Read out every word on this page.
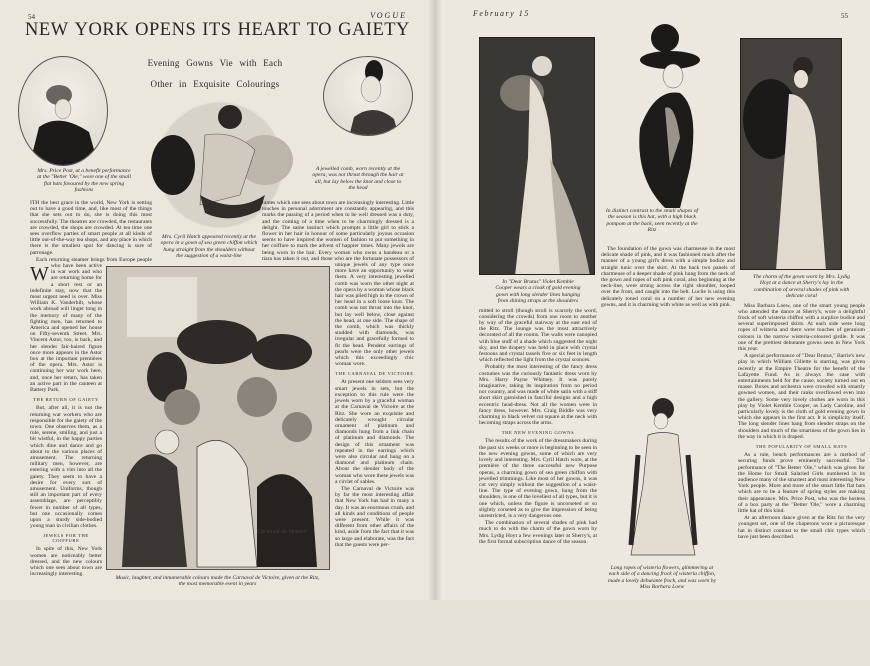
54	VOGUE
NEW YORK OPENS ITS HEART TO GAIETY
Evening Gowns Vie with Each
Other in Exquisite Colourings
Mrs. Price Post, at a benefit performance at the "Better 'Ole," wore one of the small flat hats favoured by the new spring fashions
Mrs. Cyril Hatch appeared recently at the opera in a gown of sea green chiffon which hung straight from the shoulders without the suggestion of a waist-line
A jewelled comb, worn recently at the opera, was not thrust through the hair at all, but lay below the knot and close to the head
W

ITH the best grace in the world, New York is setting out to have a good time, and, like most of the things that she sets out to do, she is doing this most successfully. The theatres are crowded, the restaurants are crowded, the shops are crowded. At tea time one sees overflow parties of smart people at all kinds of little out-of-the-way tea shops, and any place in which there is the smallest spot for dancing is sure of patronage.

Each returning steamer brings from Europe people who have been active in war work and who are returning home for a short rest or an indefinite stay, now that the most urgent need is over. Miss William K. Vanderbilt, whose work abroad will linger long in the memory of many of the fighting men, has returned to America and opened her house on Fifty-seventh Street. Mrs. Vincent Astor, too, is back, and her slender fair-haired figure once more appears in the Astor box at the important premières of the opera. Mrs. Astor is continuing her war work here, and, once her return, has taken an active part in the canteen at Battery Park.

THE RETURN OF GAIETY

But, after all, it is not the returning war workers who are responsible for the gaiety of the town. One observes them, as a rule, serene, smiling, and just a bit wistful, in the happy parties which dine and dance and go about to the various places of amusement. The returning military men, however, are entering with a vim into all the gaiety. They seem to have a desire for every sort of amusement. Uniforms, though still an important part of every assemblage, are perceptibly fewer in number of all types, but one occasionally comes upon a sturdy side-bodied young man in civilian clothes.

JEWELS FOR THE COIFFURE

In spite of this, New York women are noticeably better dressed, and the new colours which one sees about town are increasingly interesting.

tumes which one sees about town are increasingly interesting. Little touches in personal adornment are constantly appearing, and this marks the passing of a period when to be well dressed was a duty, and the coming of a time when to be charmingly dressed is a delight. The same instinct which prompts a little girl to stick a flower in her hair in honour of some particularly joyous occasion seems to have inspired the women of fashion to put something in her coiffure to mark the advent of happier times. Many jewels are being worn in the hair. Every woman who owns a bandeau or a tiara has taken it out, and those who are the fortunate possessors of unique jewels of any type once more have an opportunity to wear them. A very interesting jewelled comb was worn the other night at the opera by a woman whose black hair was piled high in the crown of her head in a soft loose knot. The comb was not thrust into the knot, but lay well below, close against the head, at one side. The shape of the comb, which was thickly studded with diamonds, was irregular and gracefully formed to fit the head. Pendent earrings of pearls were the only other jewels which this exceedingly chic woman wore.

THE CARNAVAL DE VICTOIRE

At present one seldom sees very smart jewels in sets, but the exception to this rule were the jewels worn by a graceful woman at the Carnaval de Victoire at the Ritz. She wore an exquisite and delicately wrought circular ornament of platinum and diamonds hung from a link chain of platinum and diamonds. The design of this ornament was repeated in the earrings which were also circular and hung on a diamond and platinum chain. About the slender body of the woman who wore these jewels was a circlet of sables.

The Carnaval de Victoire was by far the most interesting affair that New York has had in many a day. It was an enormous crush, and all kinds and conditions of people were present. While it was different from other affairs of the kind, aside from the fact that it was so large and elaborate, was the fact that the guests were per-

Carnaval de Victoire
Music, laughter, and innumerable colours made the Carnaval de Victoire, given at the Ritz, the most memorable event in years
February 15	55
In distinct contrast to the small shapes of the season is this hat, with a high black pompom at the back, seen recently at the Ritz
In "Dear Brutus" Violet Kemble Cooper wears a cloak of gold evening gown with long slender lines hanging from shining straps at the shoulders

mitted to stroll (though stroll is scarcely the word, considering the crowds) from one room to another by way of the graceful stairway at the east end of the Ritz. The lounge was the most attractively decorated of all the rooms. The walls were canopied with blue stuff of a shade which suggested the night sky, and the drapery was held in place with crystal festoons and crystal tassels five or six feet in length which reflected the light from the crystal sconces.

Probably the most interesting of the fancy dress costumes was the curiously fantastic dress worn by Mrs. Harry Payne Whitney. It was purely imaginative, taking its inspiration from no period nor country, and was made of white satin with a stiff short skirt garnished in fanciful designs and a high eccentric head-dress. Not all the women were in fancy dress, however. Mrs. Craig Biddle was very charming in black velvet cut square at the neck with becoming straps across the arms.

THE NEW EVENING GOWNS

The results of the work of the dressmakers during the past six weeks or more is beginning to be seen in the new evening gowns, some of which are very lovely and interesting. Mrs. Cyril Hatch wore, at the première of the three successful new Purpose operas, a charming gown of sea green chiffon with jewelled trimmings. Like most of her gowns, it was cut very simply without the suggestion of a waist-line. The type of evening gown, hung from the shoulders, is one of the loveliest of all types, but it is one which, unless the figure is uncorseted or so slightly corseted as to give the impression of being unrestricted, is a very dangerous one.

The combination of several shades of pink had much to do with the charm of the gown worn by Mrs. Lydig Hoyt a few evenings later at Sherry's, at the first formal subscription dance of the season.

The foundation of the gown was charmeuse in the most delicate shade of pink, and it was fashioned much after the manner of a young girl's dress with a simple bodice and straight tunic over the skirt. At the back two panels of charmeuse of a deeper shade of pink hung from the neck of the gown and ropes of soft pink coral, also beginning at the neck-line, were strung across the right shoulder, looped over the front, and caught into the belt. Lucile is using this delicately toned coral on a number of her new evening gowns, and it is charming with white as well as with pink.

Long ropes of wisteria flowers, glimmering at each side of a dancing frock of wisteria chiffon, made a lovely debutante frock, and was worn by Miss Barbara Loew
The charm of the gown worn by Mrs. Lydig Hoyt at a dance at Sherry's lay in the combination of several shades of pink with delicate coral

Miss Barbara Loew, one of the smart young people who attended the dance at Sherry's, wore a delightful frock of soft wisteria chiffon with a surplice bodice and several superimposed skirts. At each side were long ropes of wisteria and there were touches of geranium colours in the narrow wisteria-coloured girdle. It was one of the prettiest debutante gowns seen in New York this year.

A special performance of "Dear Brutus," Barrie's new play in which William Gillette is starring, was given recently at the Empire Theatre for the benefit of the Lafayette Fund. As is always the case with entertainments held for the cause, society turned out en masse. Boxes and orchestra were crowded with smartly gowned women, and their ranks overflowed even into the gallery. Some very lovely clothes are worn in this play by Violet Kemble Cooper, as Lady Caroline, and particularly lovely is the cloth of gold evening gown in which she appears in the first act. It is simplicity itself. The long slender lines hang from slender straps on the shoulders and much of the smartness of the gown lies in the way in which it is draped.

THE POPULARITY OF SMALL HATS

As a rule, bench performances are a method of securing funds prove eminently successful. The performance of "The Better 'Ole," which was given for the Home for Small Salaried Girls numbered in its audience many of the smartest and most interesting New York people. More and more of the smart little flat hats which are to be a feature of spring styles are making their appearance. Mrs. Price Post, who was the hostess of a box party at the "Better 'Ole," wore a charming little hat of this kind.

At an afternoon dance given at the Ritz for the very youngest set, one of the chaperons wore a picturesque hat in distinct contrast to the small chic types which have just been described.
